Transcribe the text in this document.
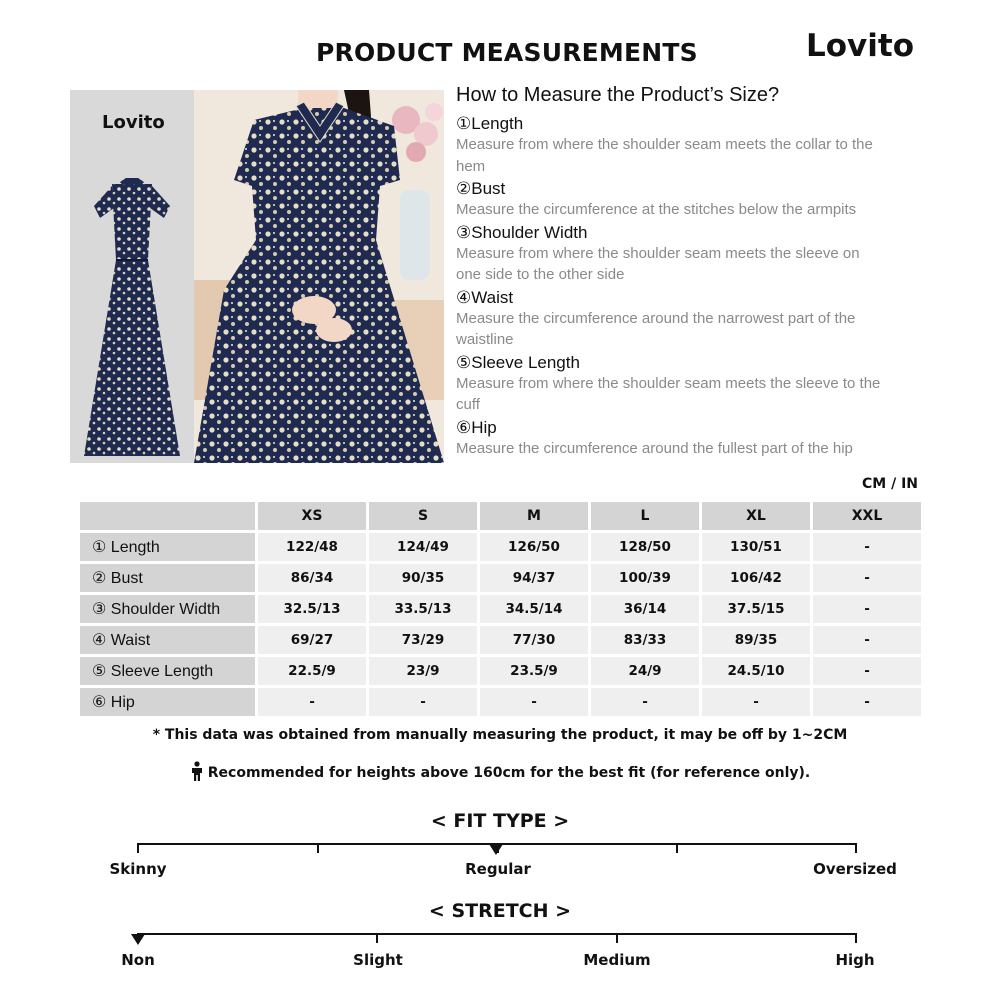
PRODUCT MEASUREMENTS	Lovito
Lovito
How to Measure the Product’s Size?
①Length
Measure from where the shoulder seam meets the collar to the hem
②Bust
Measure the circumference at the stitches below the armpits
③Shoulder Width
Measure from where the shoulder seam meets the sleeve on one side to the other side
④Waist
Measure the circumference around the narrowest part of the waistline
⑤Sleeve Length
Measure from where the shoulder seam meets the sleeve to the cuff
⑥Hip
Measure the circumference around the fullest part of the hip
CM / IN
	XS	S	M	L	XL	XXL
① Length	122/48	124/49	126/50	128/50	130/51	-
② Bust	86/34	90/35	94/37	100/39	106/42	-
③ Shoulder Width	32.5/13	33.5/13	34.5/14	36/14	37.5/15	-
④ Waist	69/27	73/29	77/30	83/33	89/35	-
⑤ Sleeve Length	22.5/9	23/9	23.5/9	24/9	24.5/10	-
⑥ Hip	-	-	-	-	-	-
* This data was obtained from manually measuring the product, it may be off by 1~2CM
Recommended for heights above 160cm for the best fit (for reference only).
< FIT TYPE >
Skinny	Regular	Oversized
< STRETCH >
Non	Slight	Medium	High
